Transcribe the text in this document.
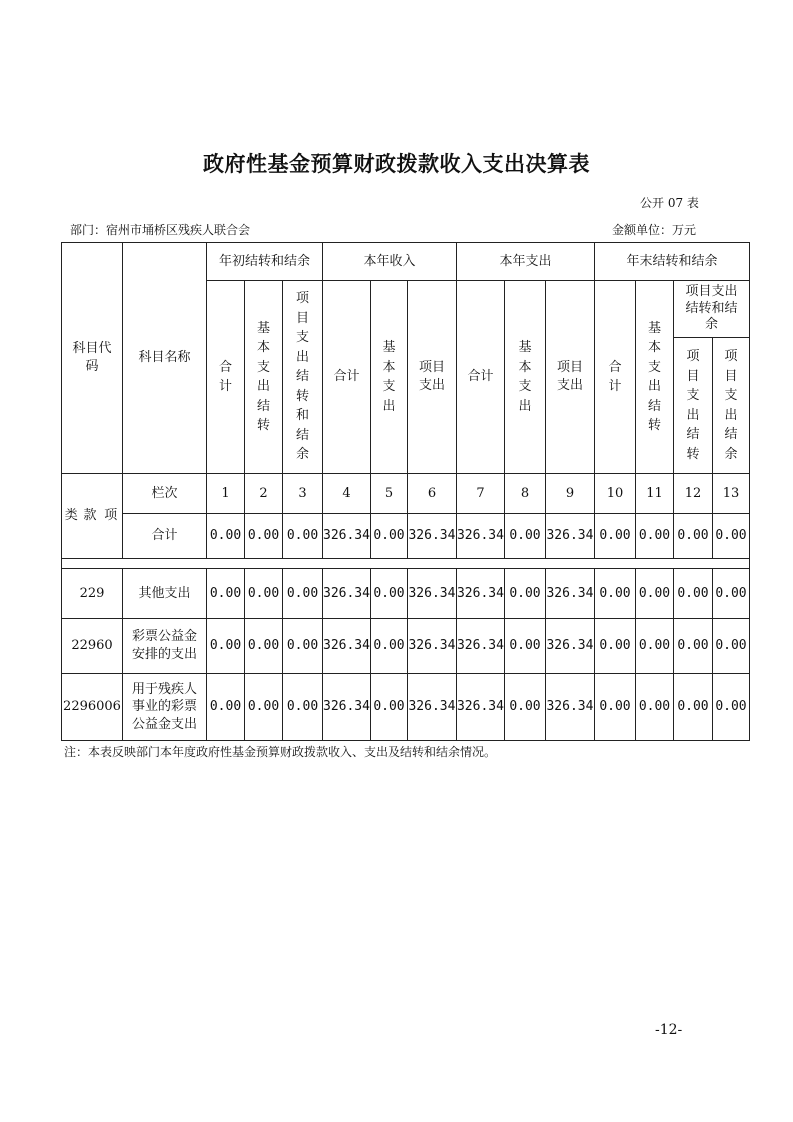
政府性基金预算财政拨款收入支出决算表
公开 07 表
部门：宿州市埇桥区残疾人联合会	金额单位：万元
科目代码			科目名称	年初结转和结余			本年收入			本年支出			年末结转和结余			
				合计	基本支出结转	项目支出结转和结余	合计	基本支出	项目支出	合计	基本支出	项目支出	合计	基本支出结转	项目支出结转和结余	
															项目支出结转	项目支出结余
类	款	项	栏次	1	2	3	4	5	6	7	8	9	10	11	12	13
			合计	0.00	0.00	0.00	326.34	0.00	326.34	326.34	0.00	326.34	0.00	0.00	0.00	0.00

229			其他支出	0.00	0.00	0.00	326.34	0.00	326.34	326.34	0.00	326.34	0.00	0.00	0.00	0.00
22960			彩票公益金安排的支出	0.00	0.00	0.00	326.34	0.00	326.34	326.34	0.00	326.34	0.00	0.00	0.00	0.00
2296006			用于残疾人事业的彩票公益金支出	0.00	0.00	0.00	326.34	0.00	326.34	326.34	0.00	326.34	0.00	0.00	0.00	0.00
注：本表反映部门本年度政府性基金预算财政拨款收入、支出及结转和结余情况。
-12-
